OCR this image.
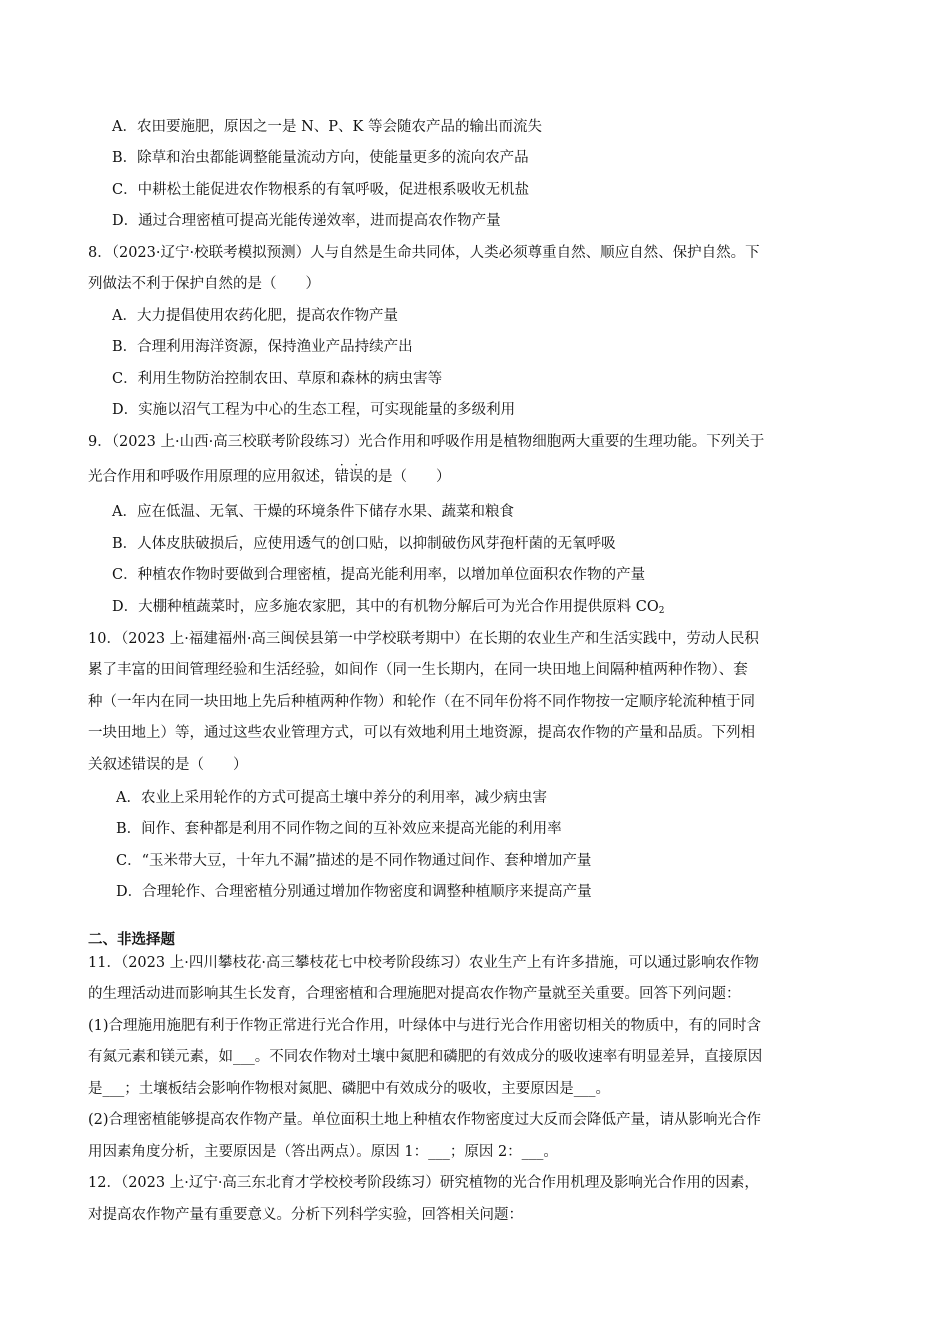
A．农田要施肥，原因之一是 N、P、K 等会随农产品的输出而流失
B．除草和治虫都能调整能量流动方向，使能量更多的流向农产品
C．中耕松土能促进农作物根系的有氧呼吸，促进根系吸收无机盐
D．通过合理密植可提高光能传递效率，进而提高农作物产量
8．（2023·辽宁·校联考模拟预测）人与自然是生命共同体，人类必须尊重自然、顺应自然、保护自然。下
列做法不利于保护自然的是（　　）
A．大力提倡使用农药化肥，提高农作物产量
B．合理利用海洋资源，保持渔业产品持续产出
C．利用生物防治控制农田、草原和森林的病虫害等
D．实施以沼气工程为中心的生态工程，可实现能量的多级利用
9．（2023 上·山西·高三校联考阶段练习）光合作用和呼吸作用是植物细胞两大重要的生理功能。下列关于
光合作用和呼吸作用原理的应用叙述，
·
错
·
误的是（　　）
A．应在低温、无氧、干燥的环境条件下储存水果、蔬菜和粮食
B．人体皮肤破损后，应使用透气的创口贴，以抑制破伤风芽孢杆菌的无氧呼吸
C．种植农作物时要做到合理密植，提高光能利用率，以增加单位面积农作物的产量
D．大棚种植蔬菜时，应多施农家肥，其中的有机物分解后可为光合作用提供原料 $CO_2$
10．（2023 上·福建福州·高三闽侯县第一中学校联考期中）在长期的农业生产和生活实践中，劳动人民积
累了丰富的田间管理经验和生活经验，如间作（同一生长期内，在同一块田地上间隔种植两种作物）、套
种（一年内在同一块田地上先后种植两种作物）和轮作（在不同年份将不同作物按一定顺序轮流种植于同
一块田地上）等，通过这些农业管理方式，可以有效地利用土地资源，提高农作物的产量和品质。下列相
关叙述错误的是（　　）
A．农业上采用轮作的方式可提高土壤中养分的利用率，减少病虫害
B．间作、套种都是利用不同作物之间的互补效应来提高光能的利用率
C．“玉米带大豆，十年九不漏”描述的是不同作物通过间作、套种增加产量
D．合理轮作、合理密植分别通过增加作物密度和调整种植顺序来提高产量
二、非选择题
11．（2023 上·四川攀枝花·高三攀枝花七中校考阶段练习）农业生产上有许多措施，可以通过影响农作物
的生理活动进而影响其生长发育，合理密植和合理施肥对提高农作物产量就至关重要。回答下列问题：
(1)合理施用施肥有利于作物正常进行光合作用，叶绿体中与进行光合作用密切相关的物质中，有的同时含
有氮元素和镁元素，如___。不同农作物对土壤中氮肥和磷肥的有效成分的吸收速率有明显差异，直接原因
是___；土壤板结会影响作物根对氮肥、磷肥中有效成分的吸收，主要原因是___。
(2)合理密植能够提高农作物产量。单位面积土地上种植农作物密度过大反而会降低产量，请从影响光合作
用因素角度分析，主要原因是（答出两点）。原因 1：___；原因 2：___。
12．（2023 上·辽宁·高三东北育才学校校考阶段练习）研究植物的光合作用机理及影响光合作用的因素，
对提高农作物产量有重要意义。分析下列科学实验，回答相关问题：
